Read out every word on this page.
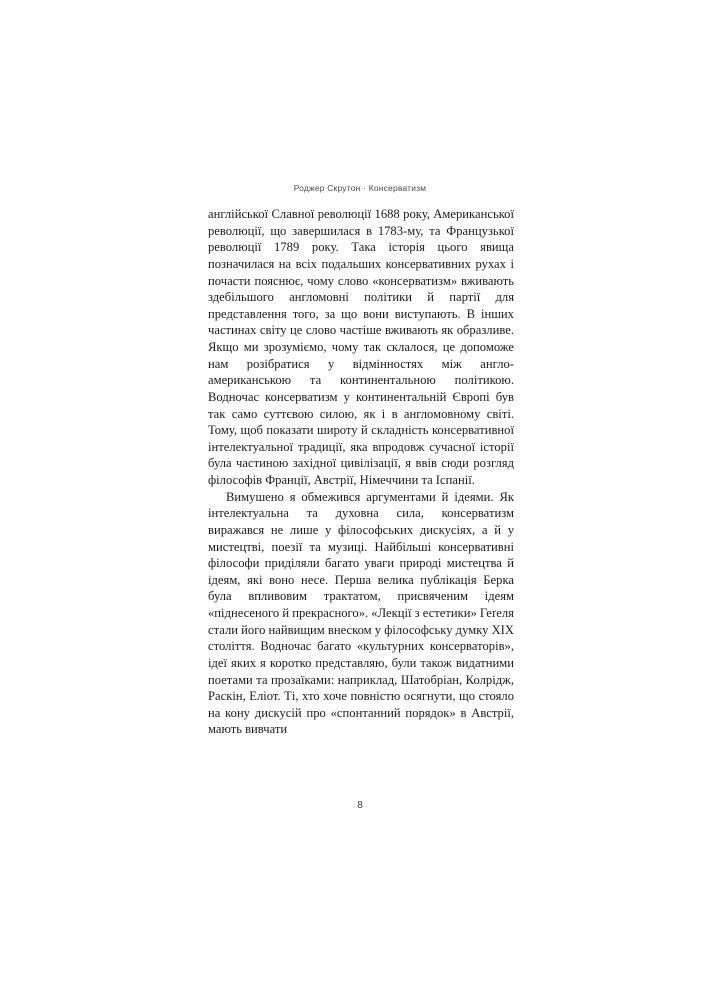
Роджер Скрутон · Консерватизм

англійської Славної революції 1688 року, Американської революції, що завершилася в 1783-му, та Французької революції 1789 року. Така історія цього явища позначилася на всіх подальших консервативних рухах і почасти пояснює, чому слово «консерватизм» вживають здебільшого англомовні політики й партії для представлення того, за що вони виступають. В інших частинах світу це слово частіше вживають як образливе. Якщо ми зрозуміємо, чому так склалося, це допоможе нам розібратися у відмінностях між англо-американською та континентальною політикою. Водночас консерватизм у континентальній Європі був так само суттєвою силою, як і в англомовному світі. Тому, щоб показати широту й складність консервативної інтелектуальної традиції, яка впродовж сучасної історії була частиною західної цивілізації, я ввів сюди розгляд філософів Франції, Австрії, Німеччини та Іспанії.

Вимушено я обмежився аргументами й ідеями. Як інтелектуальна та духовна сила, консерватизм виражався не лише у філософських дискусіях, а й у мистецтві, поезії та музиці. Найбільші консервативні філософи приділяли багато уваги природі мистецтва й ідеям, які воно несе. Перша велика публікація Берка була впливовим трактатом, присвяченим ідеям «піднесеного й прекрасного». «Лекції з естетики» Геґеля стали його найвищим внеском у філософську думку XIX століття. Водночас багато «культурних консерваторів», ідеї яких я коротко представляю, були також видатними поетами та прозаїками: наприклад, Шатобріан, Колрідж, Раскін, Еліот. Ті, хто хоче повністю осягнути, що стояло на кону дискусій про «спонтанний порядок» в Австрії, мають вивчати

8
